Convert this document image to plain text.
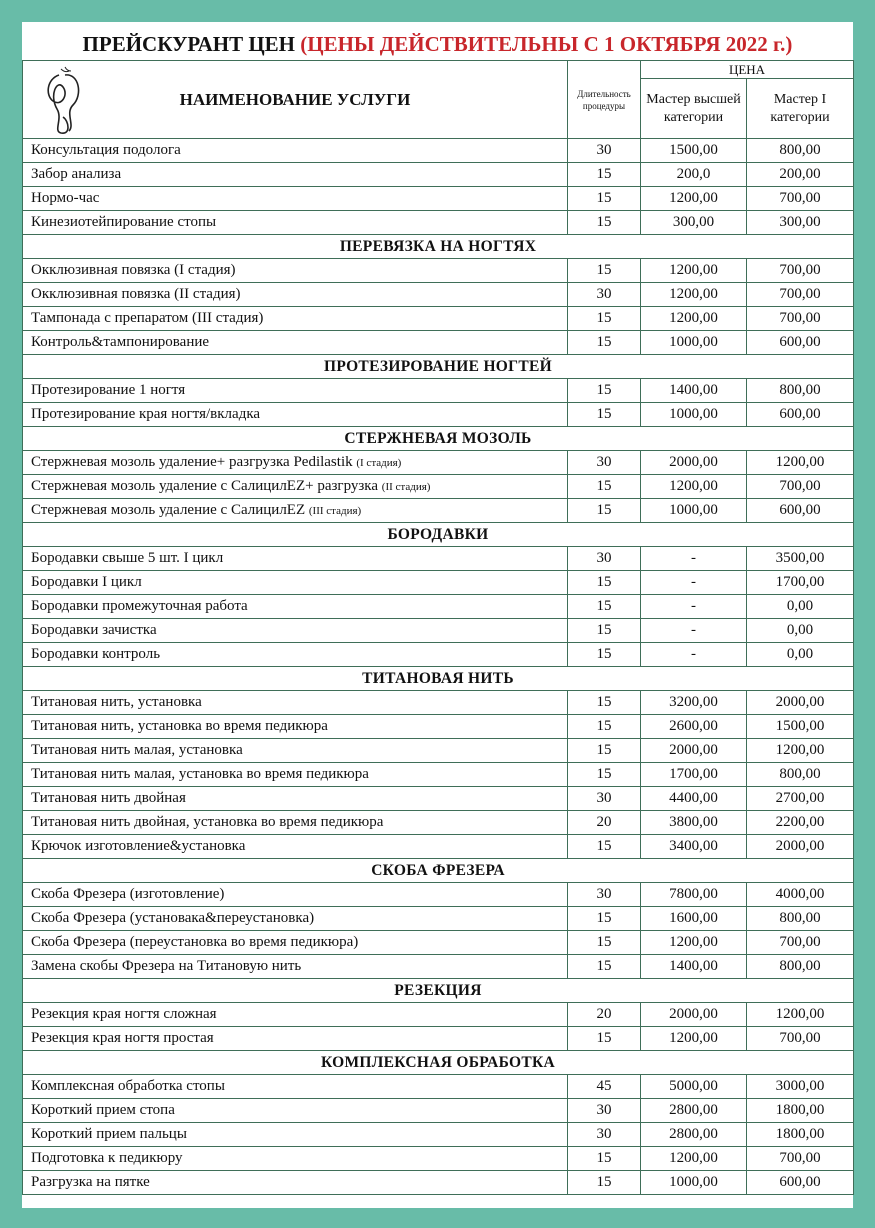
ПРЕЙСКУРАНТ ЦЕН (ЦЕНЫ ДЕЙСТВИТЕЛЬНЫ С 1 ОКТЯБРЯ 2022 г.)
НАИМЕНОВАНИЕ УСЛУГИ	Длительность процедуры	ЦЕНА	
		Мастер высшей категории	Мастер I категории
Консультация подолога	30	1500,00	800,00
Забор анализа	15	200,0	200,00
Нормо-час	15	1200,00	700,00
Кинезиотейпирование стопы	15	300,00	300,00
ПЕРЕВЯЗКА НА НОГТЯХ			
Окклюзивная повязка (I стадия)	15	1200,00	700,00
Окклюзивная повязка (II стадия)	30	1200,00	700,00
Тампонада с препаратом (III стадия)	15	1200,00	700,00
Контроль&тампонирование	15	1000,00	600,00
ПРОТЕЗИРОВАНИЕ НОГТЕЙ			
Протезирование 1 ногтя	15	1400,00	800,00
Протезирование края ногтя/вкладка	15	1000,00	600,00
СТЕРЖНЕВАЯ МОЗОЛЬ			
Стержневая мозоль удаление+ разгрузка Pedilastik (I стадия)	30	2000,00	1200,00
Стержневая мозоль удаление с СалицилEZ+ разгрузка (II стадия)	15	1200,00	700,00
Стержневая мозоль удаление с СалицилEZ (III стадия)	15	1000,00	600,00
БОРОДАВКИ			
Бородавки свыше 5 шт. I цикл	30	-	3500,00
Бородавки I цикл	15	-	1700,00
Бородавки промежуточная работа	15	-	0,00
Бородавки зачистка	15	-	0,00
Бородавки контроль	15	-	0,00
ТИТАНОВАЯ НИТЬ			
Титановая нить, установка	15	3200,00	2000,00
Титановая нить, установка во время педикюра	15	2600,00	1500,00
Титановая нить малая, установка	15	2000,00	1200,00
Титановая нить малая, установка во время педикюра	15	1700,00	800,00
Титановая нить двойная	30	4400,00	2700,00
Титановая нить двойная, установка во время педикюра	20	3800,00	2200,00
Крючок изготовление&установка	15	3400,00	2000,00
СКОБА ФРЕЗЕРА			
Скоба Фрезера (изготовление)	30	7800,00	4000,00
Скоба Фрезера (установака&переустановка)	15	1600,00	800,00
Скоба Фрезера (переустановка во время педикюра)	15	1200,00	700,00
Замена скобы Фрезера на Титановую нить	15	1400,00	800,00
РЕЗЕКЦИЯ			
Резекция края ногтя сложная	20	2000,00	1200,00
Резекция края ногтя простая	15	1200,00	700,00
КОМПЛЕКСНАЯ ОБРАБОТКА			
Комплексная обработка стопы	45	5000,00	3000,00
Короткий прием стопа	30	2800,00	1800,00
Короткий прием пальцы	30	2800,00	1800,00
Подготовка к педикюру	15	1200,00	700,00
Разгрузка на пятке	15	1000,00	600,00
